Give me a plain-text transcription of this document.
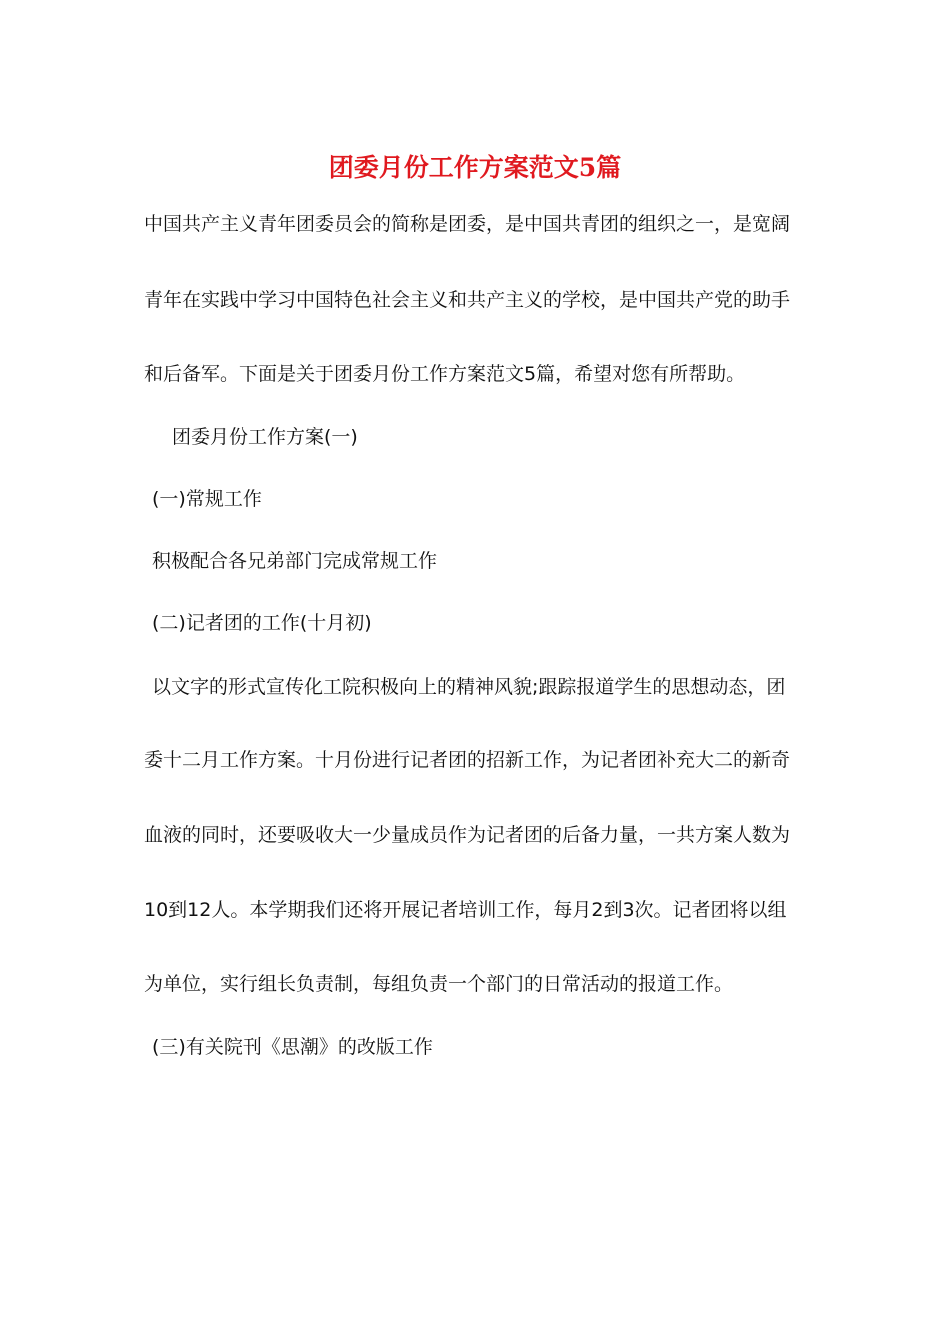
团委月份工作方案范文5篇

中国共产主义青年团委员会的简称是团委，是中国共青团的组织之一，是宽阔

青年在实践中学习中国特色社会主义和共产主义的学校，是中国共产党的助手

和后备军。下面是关于团委月份工作方案范文5篇，希望对您有所帮助。

团委月份工作方案(一)

(一)常规工作

积极配合各兄弟部门完成常规工作

(二)记者团的工作(十月初)

以文字的形式宣传化工院积极向上的精神风貌;跟踪报道学生的思想动态，团

委十二月工作方案。十月份进行记者团的招新工作，为记者团补充大二的新奇

血液的同时，还要吸收大一少量成员作为记者团的后备力量，一共方案人数为

10到12人。本学期我们还将开展记者培训工作，每月2到3次。记者团将以组

为单位，实行组长负责制，每组负责一个部门的日常活动的报道工作。

(三)有关院刊《思潮》的改版工作
